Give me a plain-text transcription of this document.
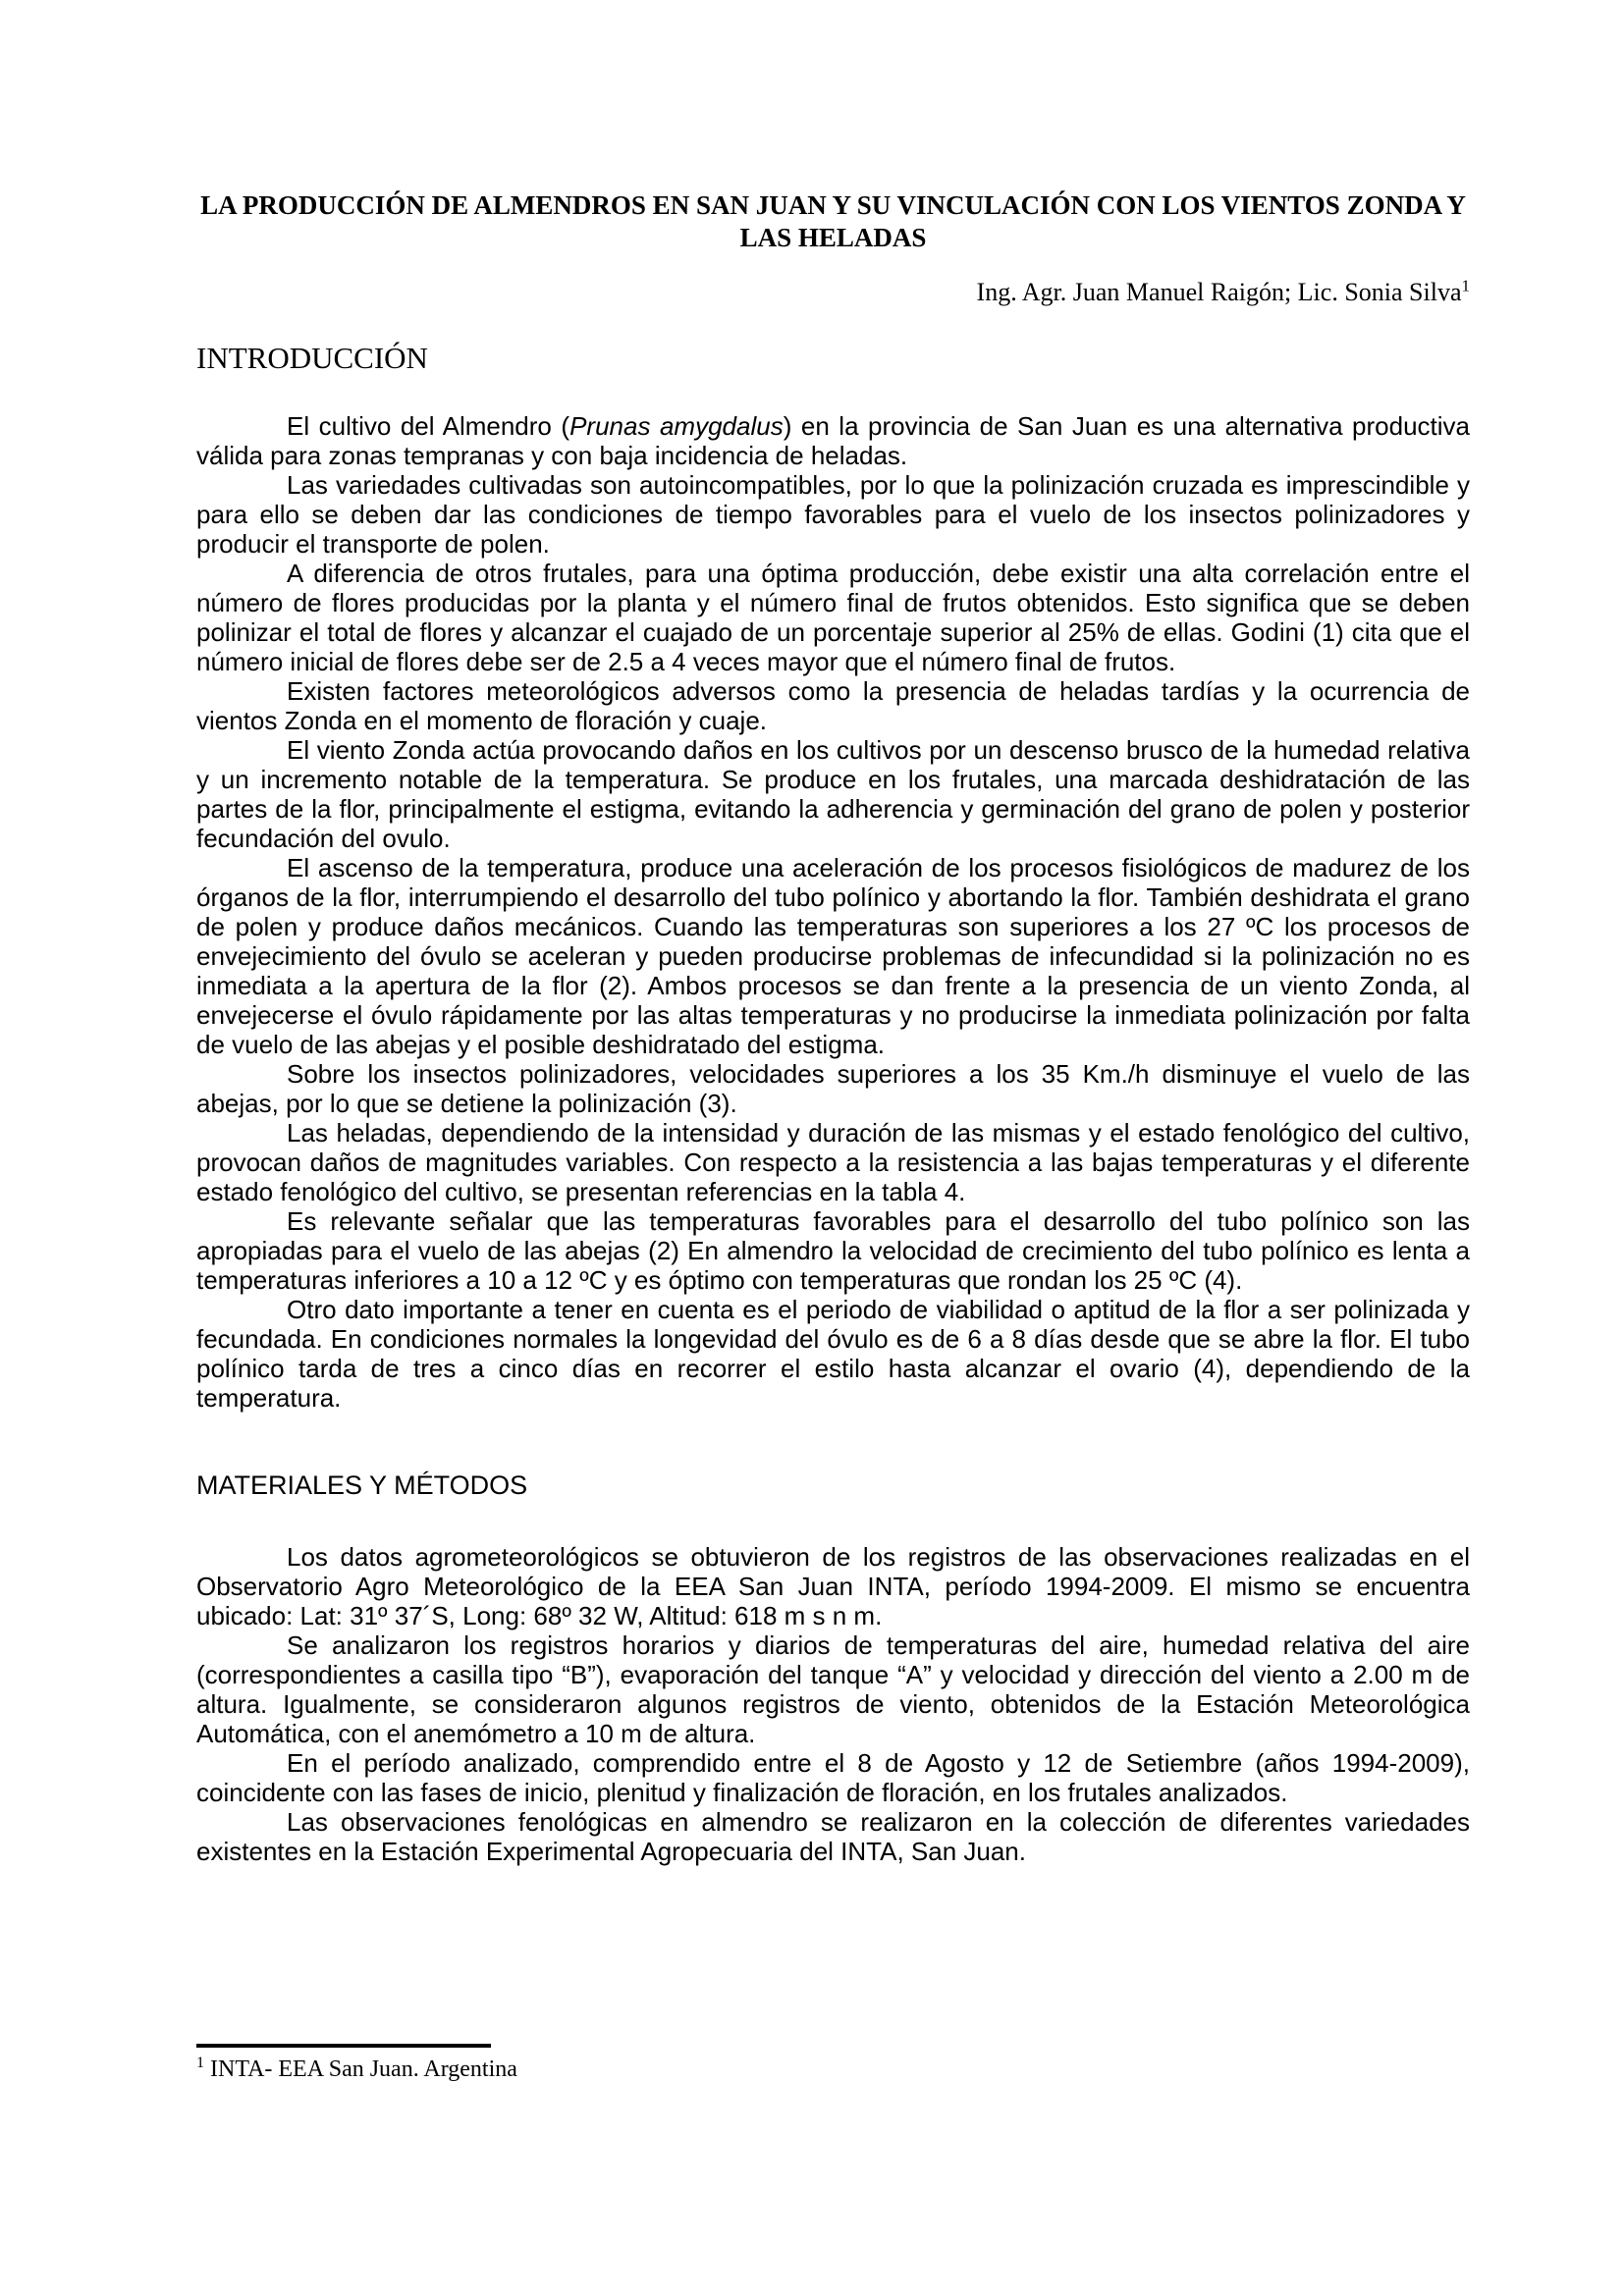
LA PRODUCCIÓN DE ALMENDROS EN SAN JUAN Y SU VINCULACIÓN CON LOS VIENTOS ZONDA Y LAS HELADAS
Ing. Agr. Juan Manuel Raigón; Lic. Sonia Silva$^1$
INTRODUCCIÓN

El cultivo del Almendro (Prunas amygdalus) en la provincia de San Juan es una alternativa productiva válida para zonas tempranas y con baja incidencia de heladas.

Las variedades cultivadas son autoincompatibles, por lo que la polinización cruzada es imprescindible y para ello se deben dar las condiciones de tiempo favorables para el vuelo de los insectos polinizadores y producir el transporte de polen.

A diferencia de otros frutales, para una óptima producción, debe existir una alta correlación entre el número de flores producidas por la planta y el número final de frutos obtenidos. Esto significa que se deben polinizar el total de flores y alcanzar el cuajado de un porcentaje superior al 25% de ellas. Godini (1) cita que el número inicial de flores debe ser de 2.5 a 4 veces mayor que el número final de frutos.

Existen factores meteorológicos adversos como la presencia de heladas tardías y la ocurrencia de vientos Zonda en el momento de floración y cuaje.

El viento Zonda actúa provocando daños en los cultivos por un descenso brusco de la humedad relativa y un incremento notable de la temperatura. Se produce en los frutales, una marcada deshidratación de las partes de la flor, principalmente el estigma, evitando la adherencia y germinación del grano de polen y posterior fecundación del ovulo.

El ascenso de la temperatura, produce una aceleración de los procesos fisiológicos de madurez de los órganos de la flor, interrumpiendo el desarrollo del tubo polínico y abortando la flor. También deshidrata el grano de polen y produce daños mecánicos. Cuando las temperaturas son superiores a los 27 ºC los procesos de envejecimiento del óvulo se aceleran y pueden producirse problemas de infecundidad si la polinización no es inmediata a la apertura de la flor (2). Ambos procesos se dan frente a la presencia de un viento Zonda, al envejecerse el óvulo rápidamente por las altas temperaturas y no producirse la inmediata polinización por falta de vuelo de las abejas y el posible deshidratado del estigma.

Sobre los insectos polinizadores, velocidades superiores a los 35 Km./h disminuye el vuelo de las abejas, por lo que se detiene la polinización (3).

Las heladas, dependiendo de la intensidad y duración de las mismas y el estado fenológico del cultivo, provocan daños de magnitudes variables. Con respecto a la resistencia a las bajas temperaturas y el diferente estado fenológico del cultivo, se presentan referencias en la tabla 4.

Es relevante señalar que las temperaturas favorables para el desarrollo del tubo polínico son las apropiadas para el vuelo de las abejas (2) En almendro la velocidad de crecimiento del tubo polínico es lenta a temperaturas inferiores a 10 a 12 ºC y es óptimo con temperaturas que rondan los 25 ºC (4).

Otro dato importante a tener en cuenta es el periodo de viabilidad o aptitud de la flor a ser polinizada y fecundada. En condiciones normales la longevidad del óvulo es de 6 a 8 días desde que se abre la flor. El tubo polínico tarda de tres a cinco días en recorrer el estilo hasta alcanzar el ovario (4), dependiendo de la temperatura.

MATERIALES Y MÉTODOS

Los datos agrometeorológicos se obtuvieron de los registros de las observaciones realizadas en el Observatorio Agro Meteorológico de la EEA San Juan INTA, período 1994-2009. El mismo se encuentra ubicado: Lat: 31º 37´S, Long: 68º 32 W, Altitud: 618 m s n m.

Se analizaron los registros horarios y diarios de temperaturas del aire, humedad relativa del aire (correspondientes a casilla tipo “B”), evaporación del tanque “A” y velocidad y dirección del viento a 2.00 m de altura. Igualmente, se consideraron algunos registros de viento, obtenidos de la Estación Meteorológica Automática, con el anemómetro a 10 m de altura.

En el período analizado, comprendido entre el 8 de Agosto y 12 de Setiembre (años 1994-2009), coincidente con las fases de inicio, plenitud y finalización de floración, en los frutales analizados.

Las observaciones fenológicas en almendro se realizaron en la colección de diferentes variedades existentes en la Estación Experimental Agropecuaria del INTA, San Juan.

$^1$ INTA- EEA San Juan. Argentina
